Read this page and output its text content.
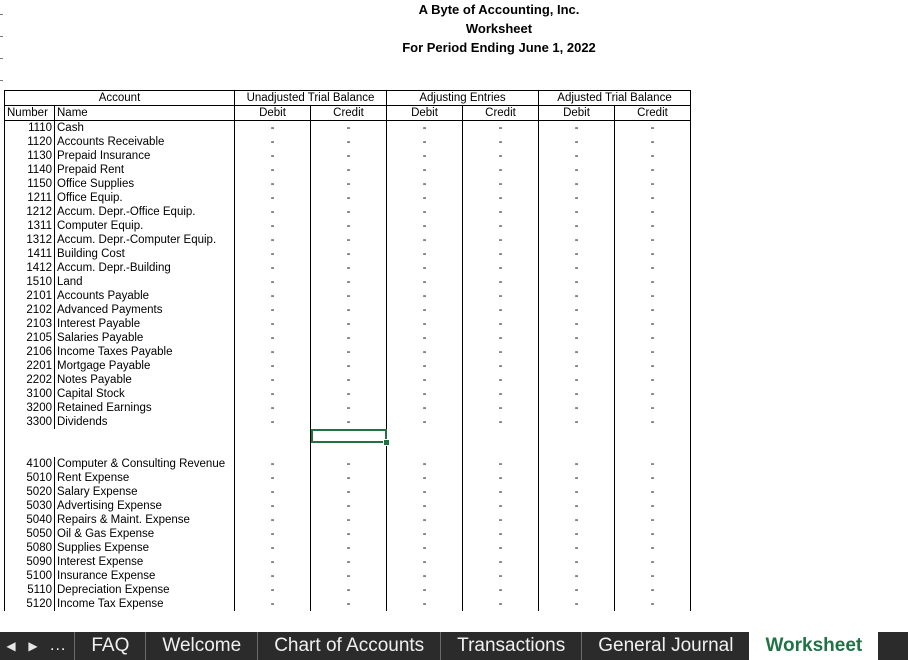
A Byte of Accounting, Inc.
Worksheet
For Period Ending June 1, 2022
Account		Unadjusted Trial Balance		Adjusting Entries		Adjusted Trial Balance	
Number	Name	Debit	Credit	Debit	Credit	Debit	Credit
1110	Cash	-	-	-	-	-	-
1120	Accounts Receivable	-	-	-	-	-	-
1130	Prepaid Insurance	-	-	-	-	-	-
1140	Prepaid Rent	-	-	-	-	-	-
1150	Office Supplies	-	-	-	-	-	-
1211	Office Equip.	-	-	-	-	-	-
1212	Accum. Depr.-Office Equip.	-	-	-	-	-	-
1311	Computer Equip.	-	-	-	-	-	-
1312	Accum. Depr.-Computer Equip.	-	-	-	-	-	-
1411	Building Cost	-	-	-	-	-	-
1412	Accum. Depr.-Building	-	-	-	-	-	-
1510	Land	-	-	-	-	-	-
2101	Accounts Payable	-	-	-	-	-	-
2102	Advanced Payments	-	-	-	-	-	-
2103	Interest Payable	-	-	-	-	-	-
2105	Salaries Payable	-	-	-	-	-	-
2106	Income Taxes Payable	-	-	-	-	-	-
2201	Mortgage Payable	-	-	-	-	-	-
2202	Notes Payable	-	-	-	-	-	-
3100	Capital Stock	-	-	-	-	-	-
3200	Retained Earnings	-	-	-	-	-	-
3300	Dividends	-	-	-	-	-	-

4100	Computer & Consulting Revenue	-	-	-	-	-	-
5010	Rent Expense	-	-	-	-	-	-
5020	Salary Expense	-	-	-	-	-	-
5030	Advertising Expense	-	-	-	-	-	-
5040	Repairs & Maint. Expense	-	-	-	-	-	-
5050	Oil & Gas Expense	-	-	-	-	-	-
5080	Supplies Expense	-	-	-	-	-	-
5090	Interest Expense	-	-	-	-	-	-
5100	Insurance Expense	-	-	-	-	-	-
5110	Depreciation Expense	-	-	-	-	-	-
5120	Income Tax Expense	-	-	-	-	-	-
◀	▶ ...	FAQ	Welcome	Chart of Accounts	Transactions	General Journal	Worksheet
